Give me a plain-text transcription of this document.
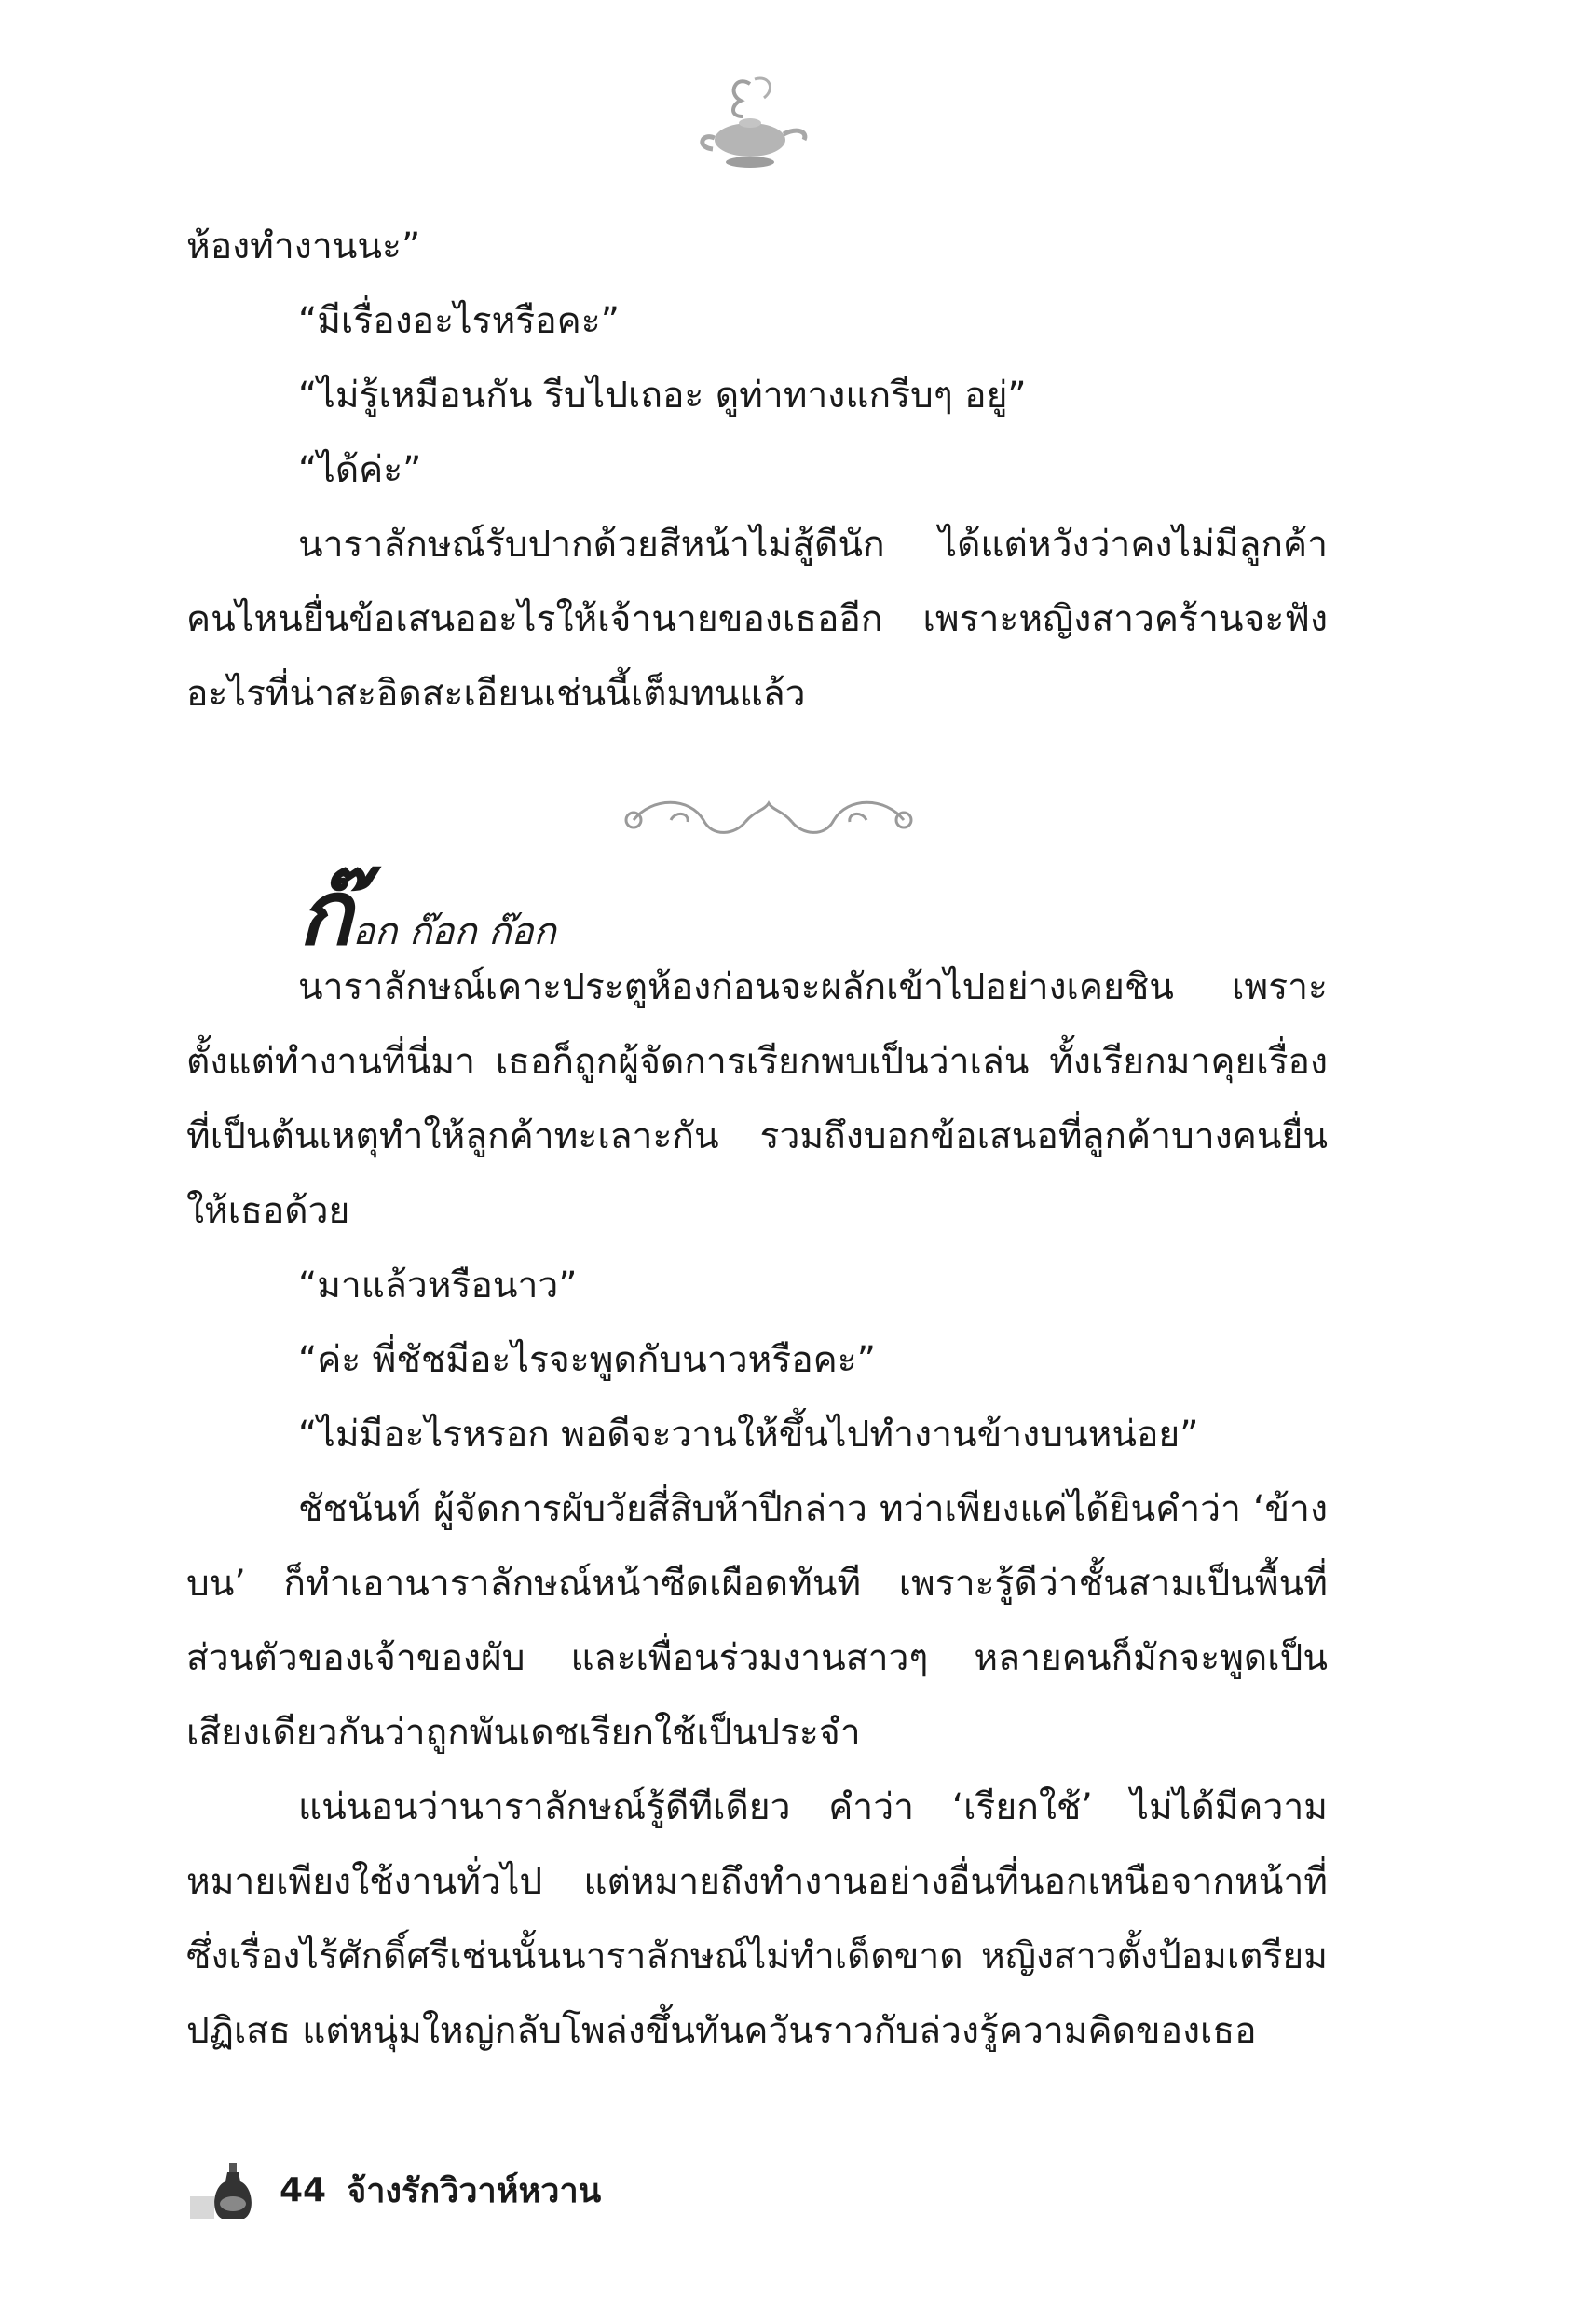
ห้องทำงานนะ”

“มีเรื่องอะไรหรือคะ”

“ไม่รู้เหมือนกัน รีบไปเถอะ ดูท่าทางแกรีบๆ อยู่”

“ได้ค่ะ”

นาราลักษณ์รับปากด้วยสีหน้าไม่สู้ดีนัก ได้แต่หวังว่าคงไม่มีลูกค้าคนไหนยื่นข้อเสนออะไรให้เจ้านายของเธออีก เพราะหญิงสาวคร้านจะฟังอะไรที่น่าสะอิดสะเอียนเช่นนี้เต็มทนแล้ว

ก๊อก ก๊อก ก๊อก

นาราลักษณ์เคาะประตูห้องก่อนจะผลักเข้าไปอย่างเคยชิน เพราะตั้งแต่ทำงานที่นี่มา เธอก็ถูกผู้จัดการเรียกพบเป็นว่าเล่น ทั้งเรียกมาคุยเรื่องที่เป็นต้นเหตุทำให้ลูกค้าทะเลาะกัน รวมถึงบอกข้อเสนอที่ลูกค้าบางคนยื่นให้เธอด้วย

“มาแล้วหรือนาว”

“ค่ะ พี่ชัชมีอะไรจะพูดกับนาวหรือคะ”

“ไม่มีอะไรหรอก พอดีจะวานให้ขึ้นไปทำงานข้างบนหน่อย”

ชัชนันท์ ผู้จัดการผับวัยสี่สิบห้าปีกล่าว ทว่าเพียงแค่ได้ยินคำว่า ‘ข้างบน’ ก็ทำเอานาราลักษณ์หน้าซีดเผือดทันที เพราะรู้ดีว่าชั้นสามเป็นพื้นที่ส่วนตัวของเจ้าของผับ และเพื่อนร่วมงานสาวๆ หลายคนก็มักจะพูดเป็นเสียงเดียวกันว่าถูกพันเดชเรียกใช้เป็นประจำ

แน่นอนว่านาราลักษณ์รู้ดีทีเดียว คำว่า ‘เรียกใช้’ ไม่ได้มีความหมายเพียงใช้งานทั่วไป แต่หมายถึงทำงานอย่างอื่นที่นอกเหนือจากหน้าที่ ซึ่งเรื่องไร้ศักดิ์ศรีเช่นนั้นนาราลักษณ์ไม่ทำเด็ดขาด หญิงสาวตั้งป้อมเตรียมปฏิเสธ แต่หนุ่มใหญ่กลับโพล่งขึ้นทันควันราวกับล่วงรู้ความคิดของเธอ

44 จ้างรักวิวาห์หวาน
